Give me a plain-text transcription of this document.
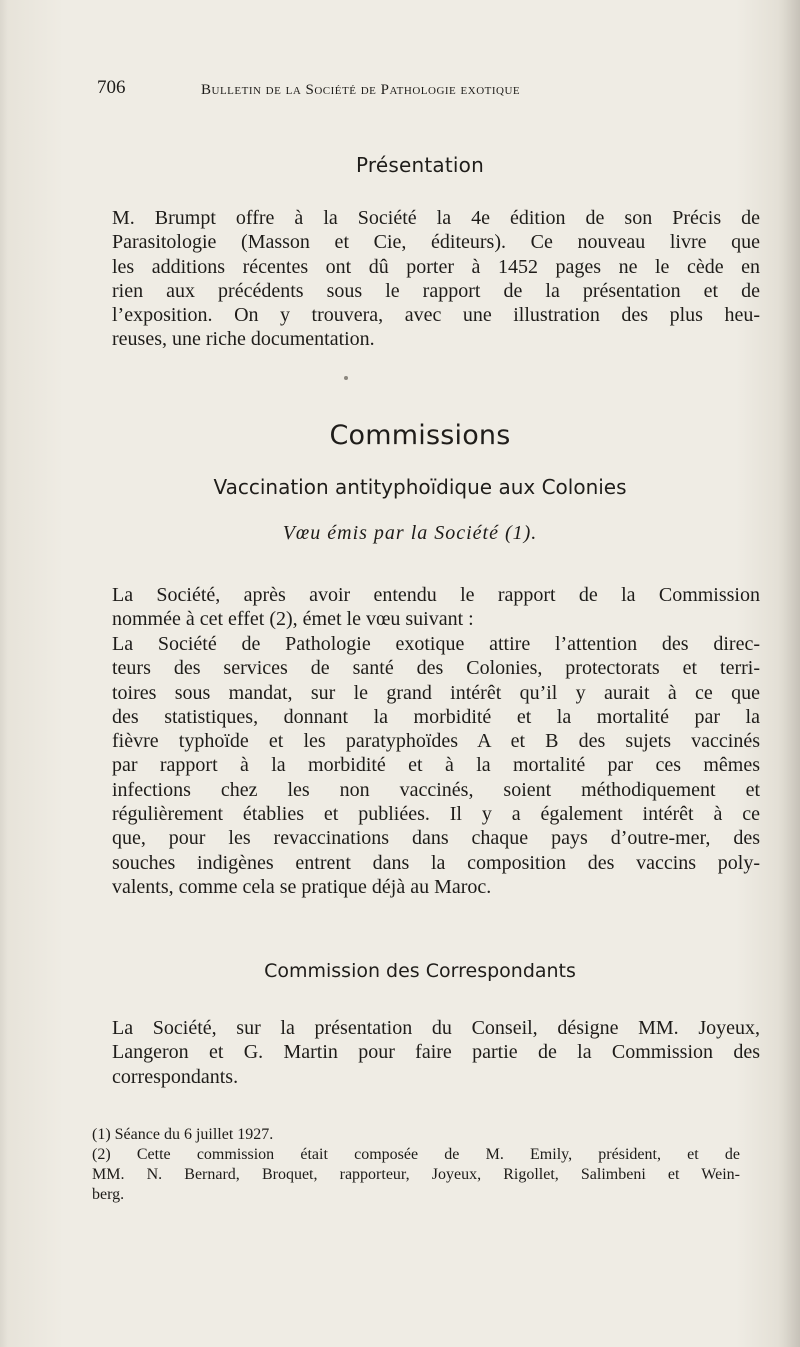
706	Bulletin de la Société de Pathologie exotique
Présentation
M. Brumpt offre à la Société la 4e édition de son Précis de
Parasitologie (Masson et Cie, éditeurs). Ce nouveau livre que
les additions récentes ont dû porter à 1452 pages ne le cède en
rien aux précédents sous le rapport de la présentation et de
l’exposition. On y trouvera, avec une illustration des plus heu-
reuses, une riche documentation.
Commissions
Vaccination antityphoïdique aux Colonies
Vœu émis par la Société (1).
La Société, après avoir entendu le rapport de la Commission
nommée à cet effet (2), émet le vœu suivant :
La Société de Pathologie exotique attire l’attention des direc-
teurs des services de santé des Colonies, protectorats et terri-
toires sous mandat, sur le grand intérêt qu’il y aurait à ce que
des statistiques, donnant la morbidité et la mortalité par la
fièvre typhoïde et les paratyphoïdes A et B des sujets vaccinés
par rapport à la morbidité et à la mortalité par ces mêmes
infections chez les non vaccinés, soient méthodiquement et
régulièrement établies et publiées. Il y a également intérêt à ce
que, pour les revaccinations dans chaque pays d’outre-mer, des
souches indigènes entrent dans la composition des vaccins poly-
valents, comme cela se pratique déjà au Maroc.
Commission des Correspondants
La Société, sur la présentation du Conseil, désigne MM. Joyeux,
Langeron et G. Martin pour faire partie de la Commission des
correspondants.
(1) Séance du 6 juillet 1927.
(2) Cette commission était composée de M. Emily, président, et de
MM. N. Bernard, Broquet, rapporteur, Joyeux, Rigollet, Salimbeni et Wein-
berg.
